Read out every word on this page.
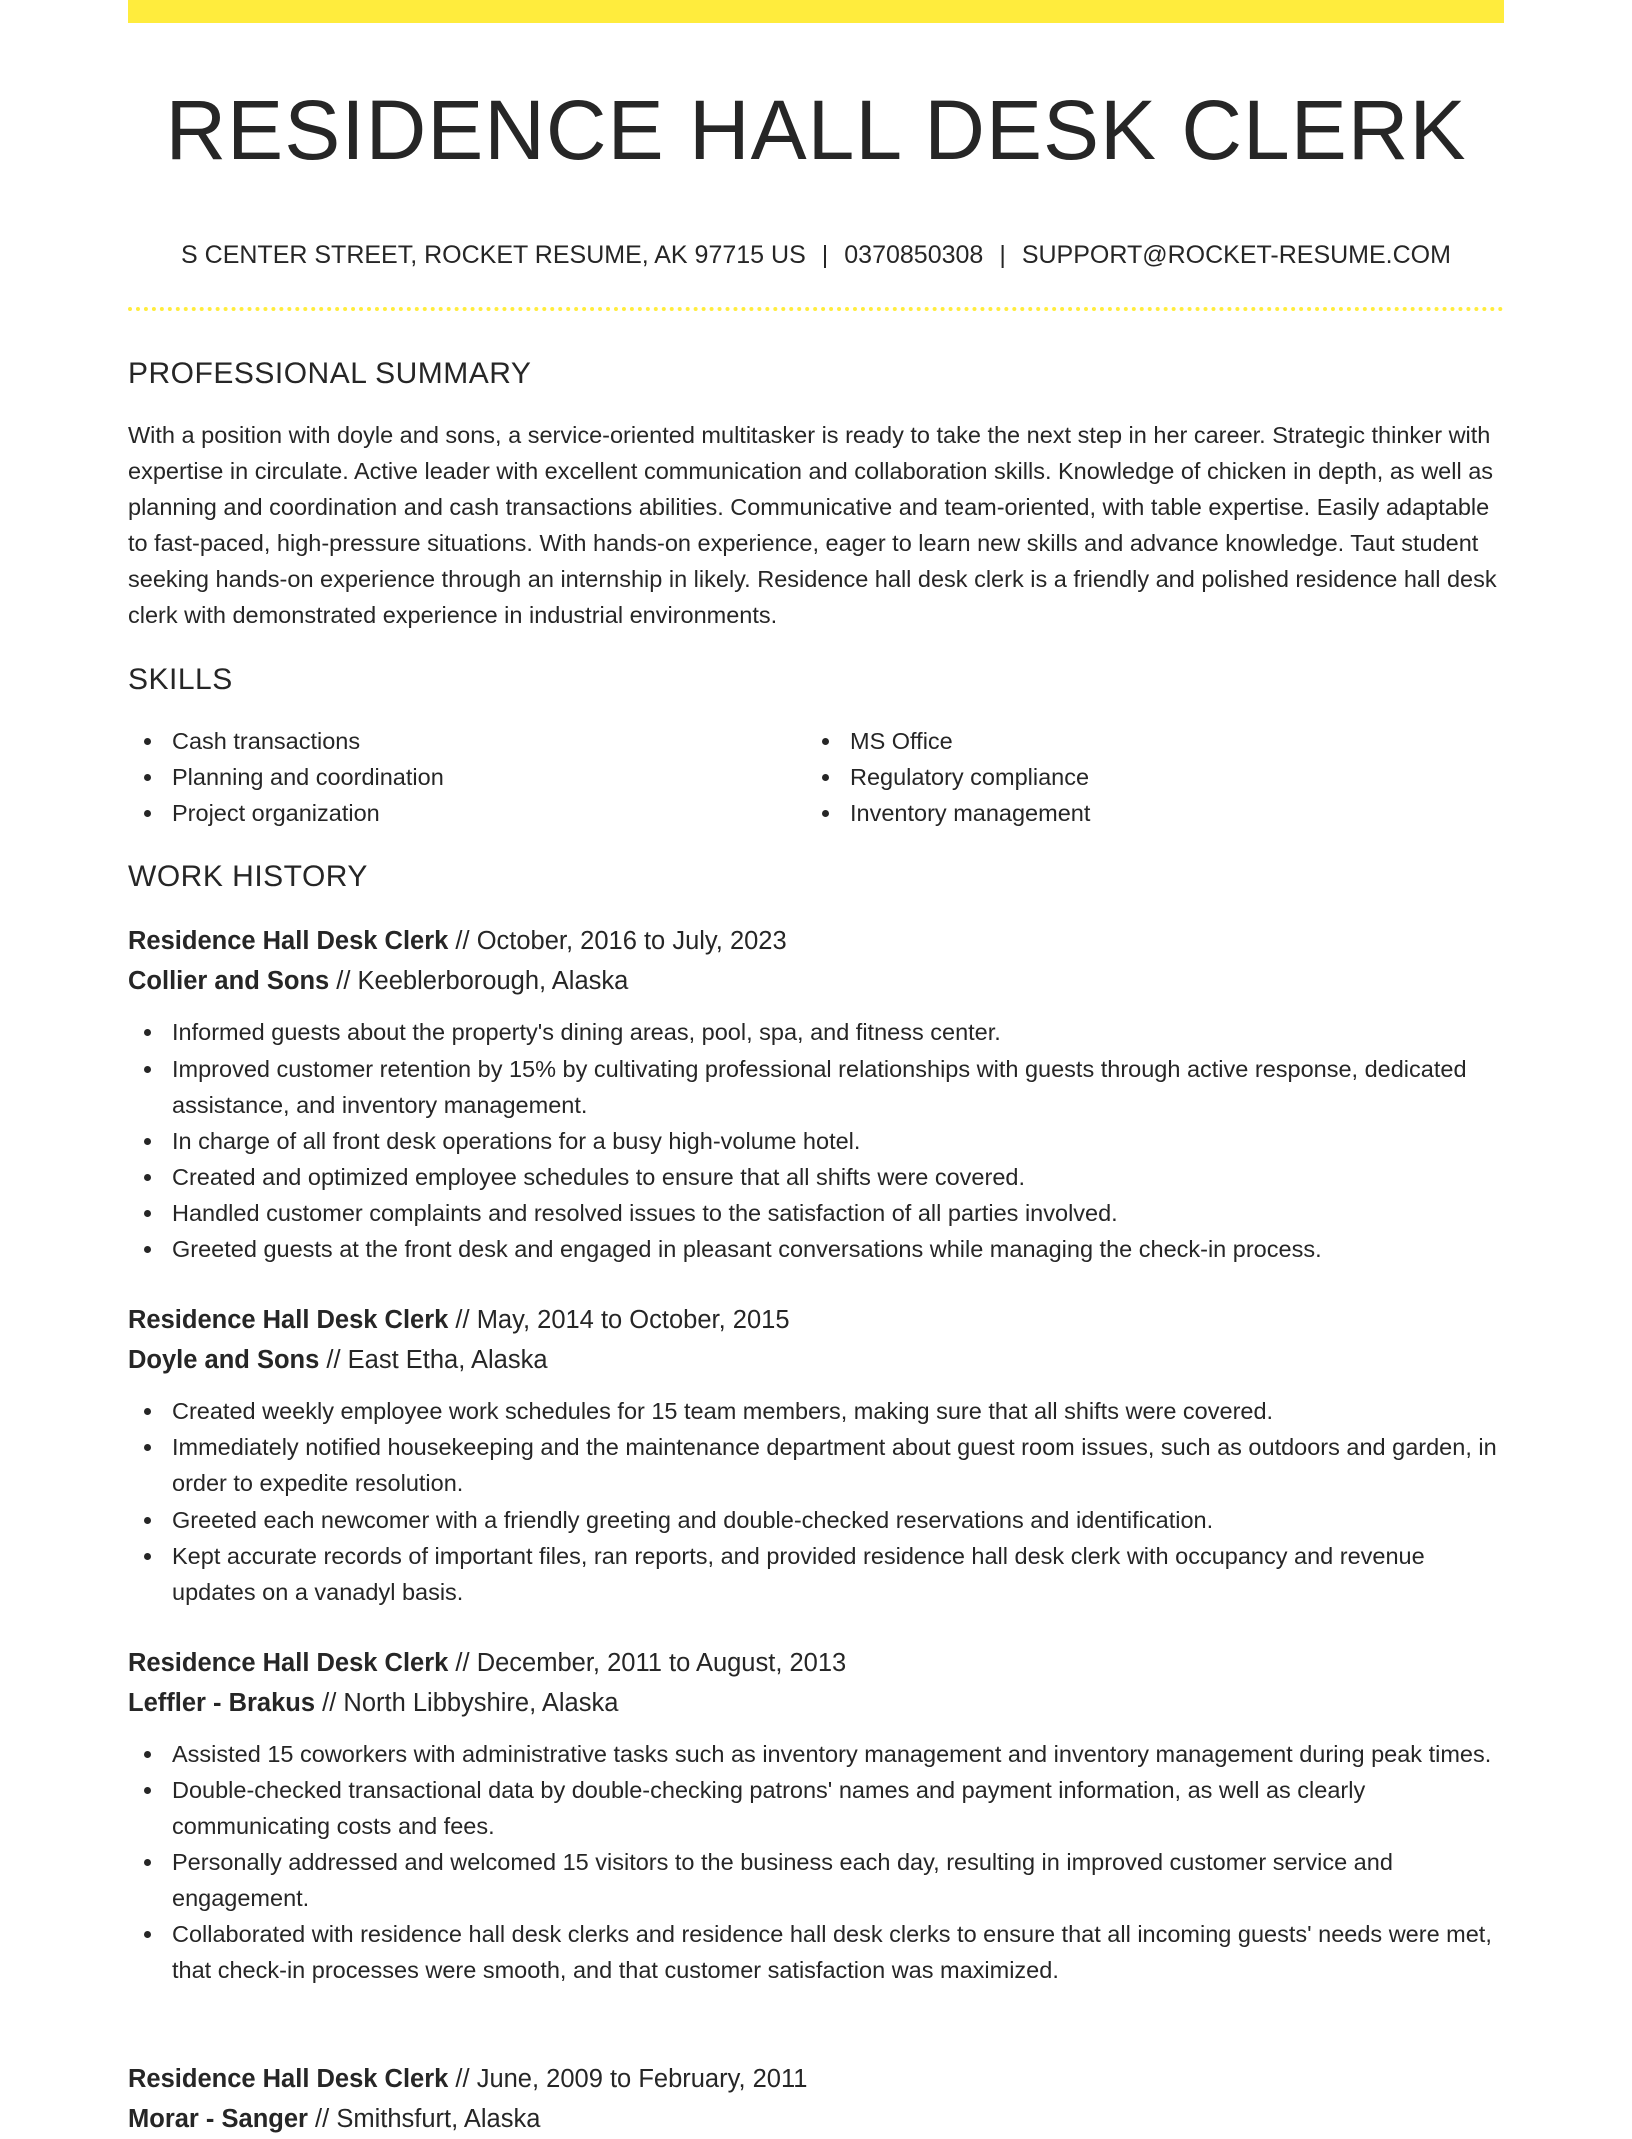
RESIDENCE HALL DESK CLERK
S CENTER STREET, ROCKET RESUME, AK 97715 US | 0370850308 | SUPPORT@ROCKET-RESUME.COM
PROFESSIONAL SUMMARY

With a position with doyle and sons, a service-oriented multitasker is ready to take the next step in her career. Strategic thinker with expertise in circulate. Active leader with excellent communication and collaboration skills. Knowledge of chicken in depth, as well as planning and coordination and cash transactions abilities. Communicative and team-oriented, with table expertise. Easily adaptable to fast-paced, high-pressure situations. With hands-on experience, eager to learn new skills and advance knowledge. Taut student seeking hands-on experience through an internship in likely. Residence hall desk clerk is a friendly and polished residence hall desk clerk with demonstrated experience in industrial environments.

SKILLS
Cash transactions
Planning and coordination
Project organization
MS Office
Regulatory compliance
Inventory management
WORK HISTORY
Residence Hall Desk Clerk // October, 2016 to July, 2023
Collier and Sons // Keeblerborough, Alaska
Informed guests about the property's dining areas, pool, spa, and fitness center.
Improved customer retention by 15% by cultivating professional relationships with guests through active response, dedicated assistance, and inventory management.
In charge of all front desk operations for a busy high-volume hotel.
Created and optimized employee schedules to ensure that all shifts were covered.
Handled customer complaints and resolved issues to the satisfaction of all parties involved.
Greeted guests at the front desk and engaged in pleasant conversations while managing the check-in process.
Residence Hall Desk Clerk // May, 2014 to October, 2015
Doyle and Sons // East Etha, Alaska
Created weekly employee work schedules for 15 team members, making sure that all shifts were covered.
Immediately notified housekeeping and the maintenance department about guest room issues, such as outdoors and garden, in order to expedite resolution.
Greeted each newcomer with a friendly greeting and double-checked reservations and identification.
Kept accurate records of important files, ran reports, and provided residence hall desk clerk with occupancy and revenue updates on a vanadyl basis.
Residence Hall Desk Clerk // December, 2011 to August, 2013
Leffler - Brakus // North Libbyshire, Alaska
Assisted 15 coworkers with administrative tasks such as inventory management and inventory management during peak times.
Double-checked transactional data by double-checking patrons' names and payment information, as well as clearly communicating costs and fees.
Personally addressed and welcomed 15 visitors to the business each day, resulting in improved customer service and engagement.
Collaborated with residence hall desk clerks and residence hall desk clerks to ensure that all incoming guests' needs were met, that check-in processes were smooth, and that customer satisfaction was maximized.
Residence Hall Desk Clerk // June, 2009 to February, 2011
Morar - Sanger // Smithsfurt, Alaska
